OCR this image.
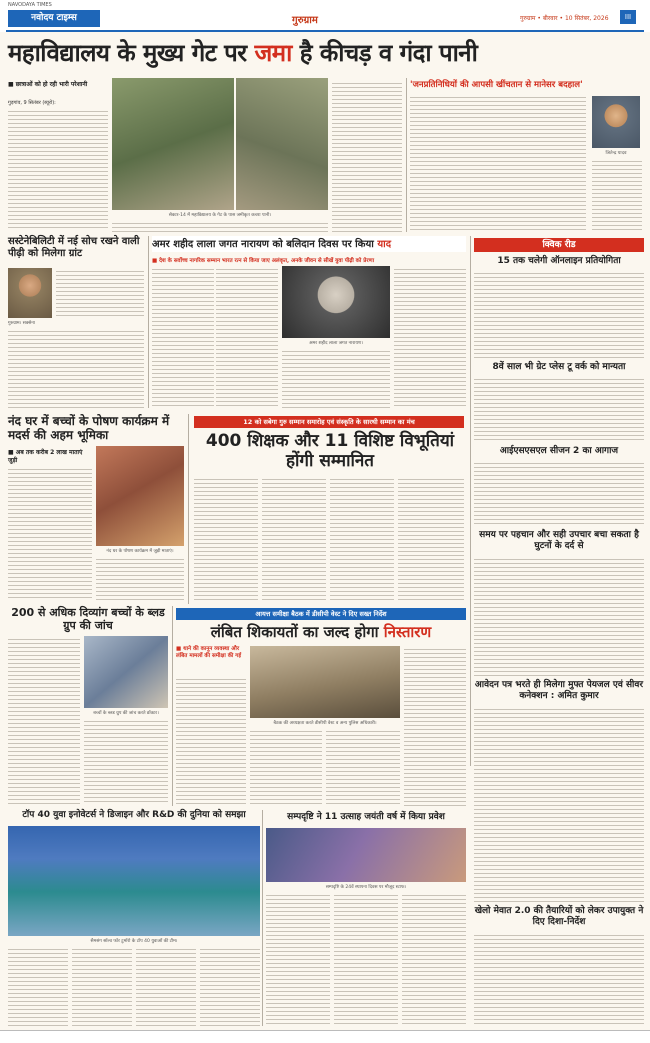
NAVODAYA TIMES
नवोदय टाइम्स	गुरुग्राम	गुरुग्राम • बीरवार • 10 सितंबर, 2026	III
महाविद्यालय के मुख्य गेट पर जमा है कीचड़ व गंदा पानी
■ छात्राओं को हो रही भारी परेशानी
गुड़गांव, 9 सितंबर (ब्यूरो):
सेक्टर-14 में महाविद्यालय के गेट के पास जमीकृत कचरा पानी।
'जनप्रतिनिधियों की आपसी खींचतान से मानेसर बदहाल'
जितेन्द्र यादव
सस्टेनेबिलिटी में नई सोच रखने वाली पीढ़ी को मिलेगा ग्रांट
गुरुग्राम। सक्सेना
अमर शहीद लाला जगत नारायण को बलिदान दिवस पर किया याद
■ देश के सर्वोच्च नागरिक सम्मान भारत रत्न से किया जाए अलंकृत, अनके जीवन से सीखें युवा पीढ़ी को प्रेरणा
अमर शहीद लाला जगत नारायण।
क्विक रीड
15 तक चलेगी ऑनलाइन प्रतियोगिता
8वें साल भी ग्रेट प्लेस टू वर्क को मान्यता
आईएसएसएल सीजन 2 का आगाज
समय पर पहचान और सही उपचार बचा सकता है घुटनों के दर्द से
आवेदन पत्र भरते ही मिलेगा मुफ्त पेयजल एवं सीवर कनेक्शन : अमित कुमार
खेलो मेवात 2.0 की तैयारियों को लेकर उपायुक्त ने दिए दिशा-निर्देश
नंद घर में बच्चों के पोषण कार्यक्रम में मदर्स की अहम भूमिका
■ अब तक करीब 2 लाख माताएं जुड़ी
नंद घर के पोषण कार्यक्रम में जुड़ी माताएं।
12 को सबेगा गुरु सम्मान समारोह एवं संस्कृति के सारथी सम्मान का मंच
400 शिक्षक और 11 विशिष्ट विभूतियां होंगी सम्मानित
200 से अधिक दिव्यांग बच्चों के ब्लड ग्रुप की जांच
बच्चों के ब्लड ग्रुप की जांच करते डॉक्टर।
आयत्त समीक्षा बैठक में डीसीपी वेस्ट ने दिए सख्त निर्देश
लंबित शिकायतों का जल्द होगा निस्तारण
■ थाने की कानून व्यवस्था और लंबित मामलों की समीक्षा की गई
बैठक की अध्यक्षता करते डीसीपी वेस्ट व अन्य पुलिस अधिकारी।
सम्पदृष्टि ने 11 उत्साह जयंती वर्ष में किया प्रवेश
सम्पदृष्टि के 24वें स्थापना दिवस पर मौजूद स्टाफ।
टॉप 40 युवा इनोवेटर्स ने डिजाइन और R&D की दुनिया को समझा
सैमसंग सॉल्व फॉर टुमॉरो के टॉप 40 युवाओं की टीम।
